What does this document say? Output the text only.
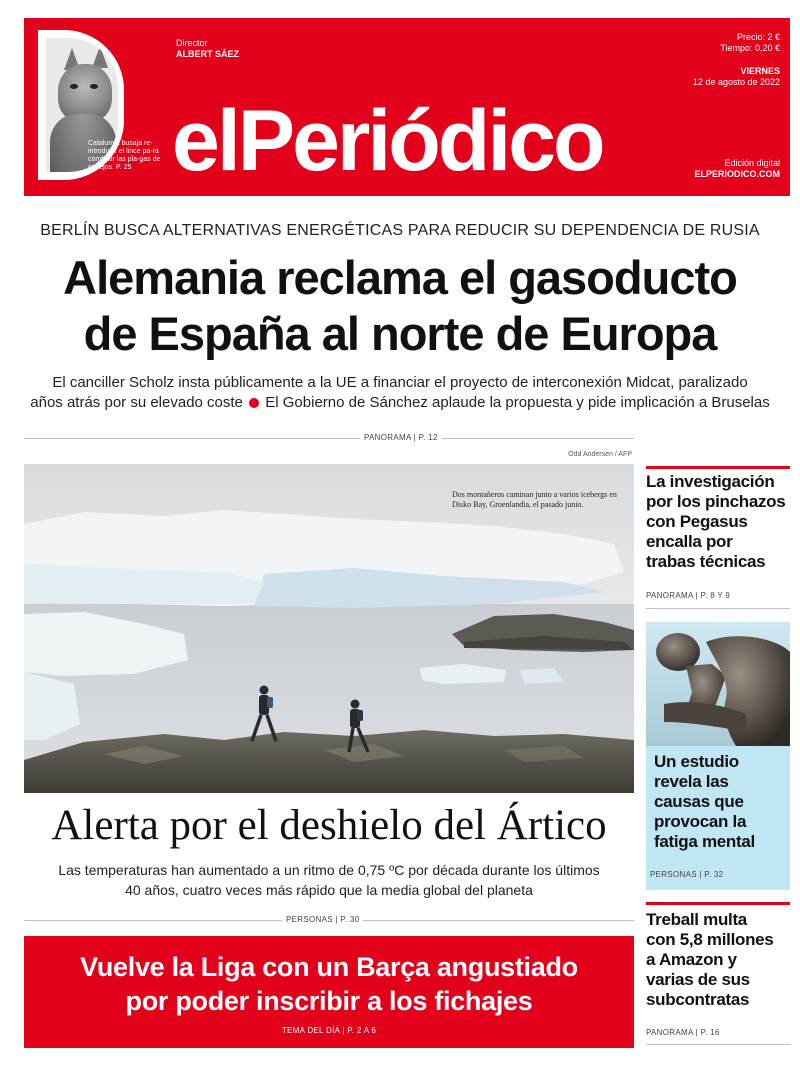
Catalunya busaja re-introducir el lince pa-ra combatir las pla-gas de conejos. P. 25
Director
ALBERT SÁEZ
elPeriódico
Precio: 2 €
Tiempo: 0,20 €
VIERNES
12 de agosto de 2022
Edición digital
ELPERIODICO.COM
BERLÍN BUSCA ALTERNATIVAS ENERGÉTICAS PARA REDUCIR SU DEPENDENCIA DE RUSIA
Alemania reclama el gasoducto
de España al norte de Europa
El canciller Scholz insta públicamente a la UE a financiar el proyecto de interconexión Midcat, paralizado
años atrás por su elevado coste El Gobierno de Sánchez aplaude la propuesta y pide implicación a Bruselas
PANORAMA | P. 12
Odd Andersen / AFP
Dos montañeros caminan junto a varios icebergs en Disko Bay, Groenlandia, el pasado junio.
Alerta por el deshielo del Ártico
Las temperaturas han aumentado a un ritmo de 0,75 ºC por década durante los últimos
40 años, cuatro veces más rápido que la media global del planeta
PERSONAS | P. 30
Vuelve la Liga con un Barça angustiado
por poder inscribir a los fichajes
TEMA DEL DÍA | P. 2 A 6
La investigación
por los pinchazos
con Pegasus
encalla por
trabas técnicas
PANORAMA | P. 8 Y 9
Un estudio
revela las
causas que
provocan la
fatiga mental
PERSONAS | P. 32
Treball multa
con 5,8 millones
a Amazon y
varias de sus
subcontratas
PANORAMA | P. 16
